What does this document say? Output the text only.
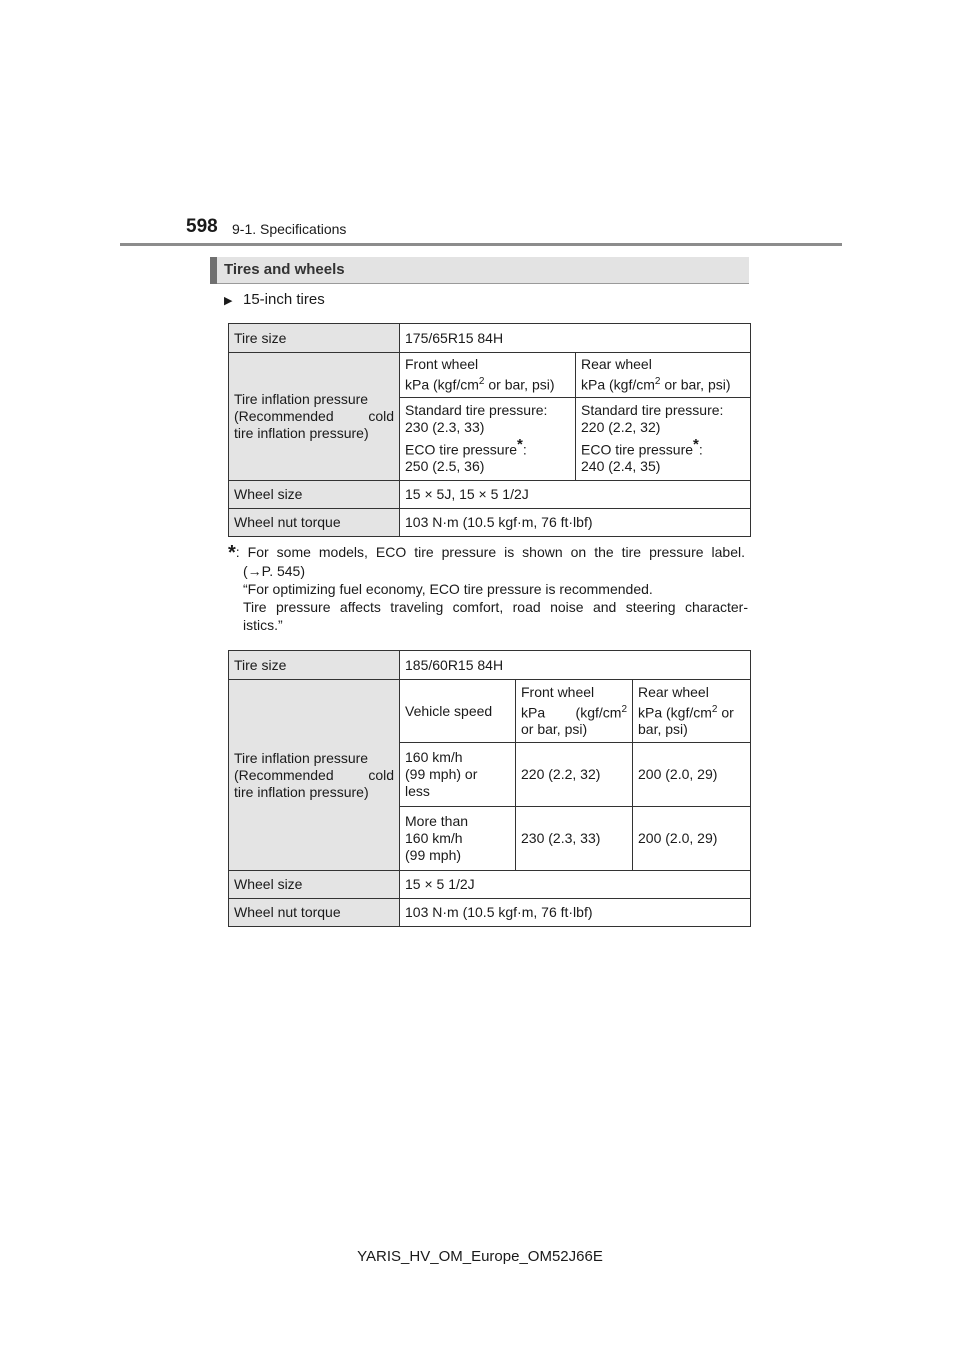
598 9-1. Specifications
Tires and wheels
▶ 15-inch tires
Tire size	175/65R15 84H	

Tire inflation pressure
(Recommended cold
tire inflation pressure)	Front wheel
kPa ($kgf/cm^2$ or bar, psi)	Rear wheel
kPa ($kgf/cm^2$ or bar, psi)

	Standard tire pressure:
230 (2.3, 33)
ECO tire pressure*:
250 (2.5, 36)	Standard tire pressure:
220 (2.2, 32)
ECO tire pressure*:
240 (2.4, 35)

Wheel size	15 × 5J, 15 × 5 1/2J	
Wheel nut torque	103 N·m (10.5 kgf·m, 76 ft·lbf)	
*: For some models, ECO tire pressure is shown on the tire pressure label.
(→P. 545)
“For optimizing fuel economy, ECO tire pressure is recommended.
Tire pressure affects traveling comfort, road noise and steering character-
istics.”
Tire size	185/60R15 84H		

Tire inflation pressure
(Recommended cold
tire inflation pressure)	Vehicle speed	Front wheel
kPa ($kgf/cm^2$
or bar, psi)	Rear wheel
kPa ($kgf/cm^2$ or
bar, psi)

	160 km/h
(99 mph) or
less	220 (2.2, 32)	200 (2.0, 29)

	More than
160 km/h
(99 mph)	230 (2.3, 33)	200 (2.0, 29)
Wheel size	15 × 5 1/2J		
Wheel nut torque	103 N·m (10.5 kgf·m, 76 ft·lbf)		
YARIS_HV_OM_Europe_OM52J66E
